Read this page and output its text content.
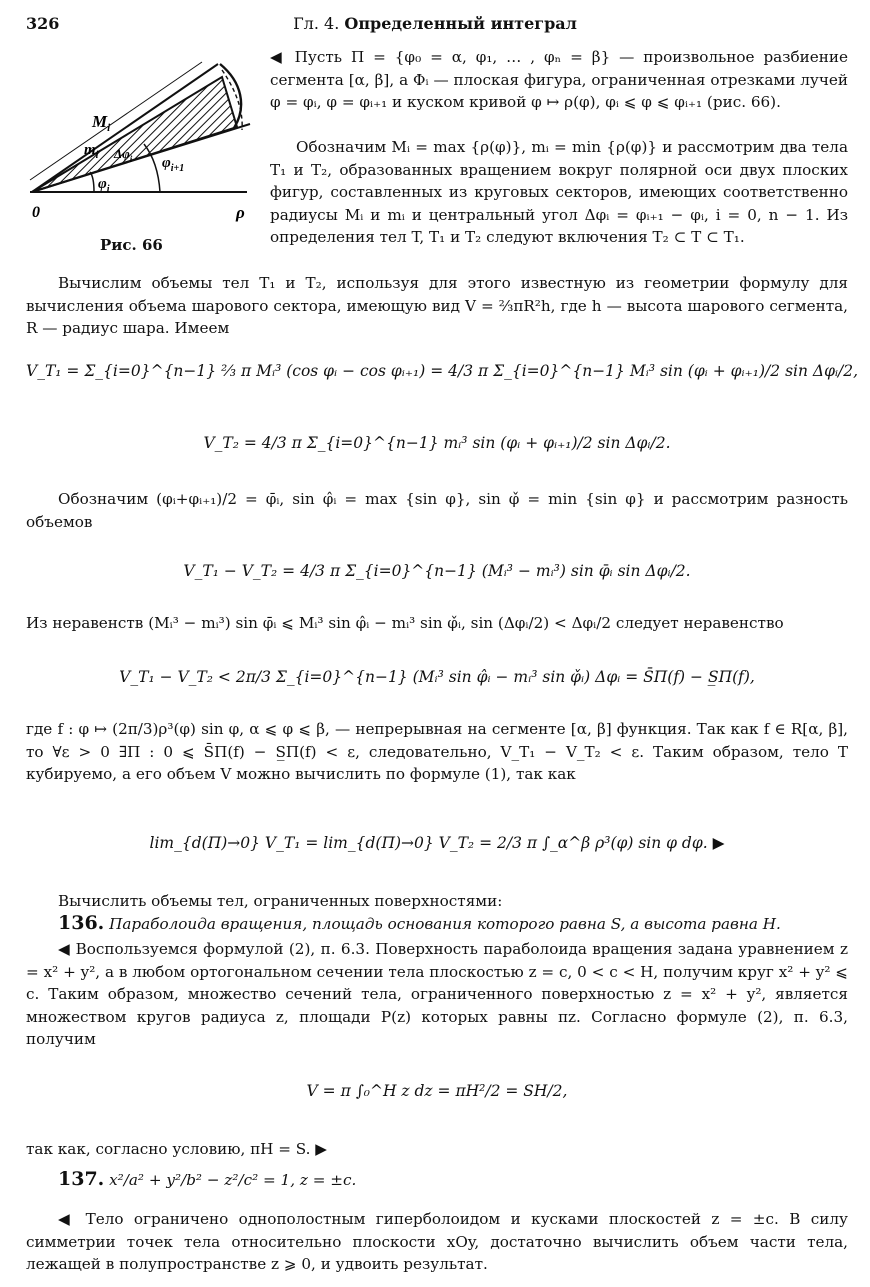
326	Гл. 4. Определенный интеграл
0	ρ
$M_i$
$m_i$
$\varphi_i$
$\varphi_{i+1}$
$\Delta\varphi_i$
Рис. 66
◀ Пусть Π = {φ₀ = α, φ₁, … , φₙ = β} — произвольное разбиение сегмента [α, β], а Φᵢ — плоская фигура, ограниченная отрезками лучей φ = φᵢ, φ = φᵢ₊₁ и куском кривой φ ↦ ρ(φ), φᵢ ⩽ φ ⩽ φᵢ₊₁ (рис. 66).
Обозначим Mᵢ = max {ρ(φ)}, mᵢ = min {ρ(φ)} и рассмотрим два тела T₁ и T₂, образованных вращением вокруг полярной оси двух плоских фигур, составленных из круговых секторов, имеющих соответственно радиусы Mᵢ и mᵢ и центральный угол Δφᵢ = φᵢ₊₁ − φᵢ, i = 0, n − 1. Из определения тел T, T₁ и T₂ следуют включения T₂ ⊂ T ⊂ T₁.
Вычислим объемы тел T₁ и T₂, используя для этого известную из геометрии формулу для вычисления объема шарового сектора, имеющую вид V = ⅔πR²h, где h — высота шарового сегмента, R — радиус шара. Имеем
V_T₁ = Σ_{i=0}^{n−1} ⅔ π Mᵢ³ (cos φᵢ − cos φᵢ₊₁) = 4/3 π Σ_{i=0}^{n−1} Mᵢ³ sin (φᵢ + φᵢ₊₁)/2 sin Δφᵢ/2,
V_T₂ = 4/3 π Σ_{i=0}^{n−1} mᵢ³ sin (φᵢ + φᵢ₊₁)/2 sin Δφᵢ/2.
Обозначим (φᵢ+φᵢ₊₁)/2 = φ̄ᵢ, sin φ̂ᵢ = max {sin φ}, sin φ̌ = min {sin φ} и рассмотрим разность объемов
V_T₁ − V_T₂ = 4/3 π Σ_{i=0}^{n−1} (Mᵢ³ − mᵢ³) sin φ̄ᵢ sin Δφᵢ/2.
Из неравенств (Mᵢ³ − mᵢ³) sin φ̄ᵢ ⩽ Mᵢ³ sin φ̂ᵢ − mᵢ³ sin φ̌ᵢ, sin (Δφᵢ/2) < Δφᵢ/2 следует неравенство
V_T₁ − V_T₂ < 2π/3 Σ_{i=0}^{n−1} (Mᵢ³ sin φ̂ᵢ − mᵢ³ sin φ̌ᵢ) Δφᵢ = S̄Π(f) − S̲Π(f),
где f : φ ↦ (2π/3)ρ³(φ) sin φ, α ⩽ φ ⩽ β, — непрерывная на сегменте [α, β] функция. Так как f ∈ R[α, β], то ∀ε > 0 ∃Π : 0 ⩽ S̄Π(f) − S̲Π(f) < ε, следовательно, V_T₁ − V_T₂ < ε. Таким образом, тело T кубируемо, а его объем V можно вычислить по формуле (1), так как
lim_{d(Π)→0} V_T₁ = lim_{d(Π)→0} V_T₂ = 2/3 π ∫_α^β ρ³(φ) sin φ dφ. ▶
Вычислить объемы тел, ограниченных поверхностями:
136. Параболоида вращения, площадь основания которого равна S, а высота равна H.
◀ Воспользуемся формулой (2), п. 6.3. Поверхность параболоида вращения задана уравнением z = x² + y², а в любом ортогональном сечении тела плоскостью z = c, 0 < c < H, получим круг x² + y² ⩽ c. Таким образом, множество сечений тела, ограниченного поверхностью z = x² + y², является множеством кругов радиуса z, площади P(z) которых равны πz. Согласно формуле (2), п. 6.3, получим
V = π ∫₀^H z dz = πH²/2 = SH/2,
так как, согласно условию, πH = S. ▶
137. x²/a² + y²/b² − z²/c² = 1, z = ±c.
◀ Тело ограничено однополостным гиперболоидом и кусками плоскостей z = ±c. В силу симметрии точек тела относительно плоскости xOy, достаточно вычислить объем части тела, лежащей в полупространстве z ⩾ 0, и удвоить результат.
